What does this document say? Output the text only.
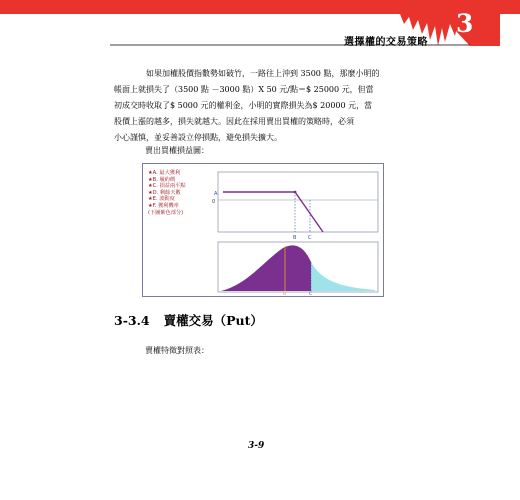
選擇權的交易策略
3
如果加權股價指數勢如破竹，一路往上沖到 3500 點，那麼小明的
帳面上就損失了（3500 點 －3000 點）X 50 元/點＝$ 25000 元，但當
初成交時收取了$ 5000 元的權利金，小明的實際損失為$ 20000 元，當
股價上漲的越多，損失就越大。因此在採用賣出買權的策略時，必須
小心謹慎，並妥善設立停損點，避免損失擴大。
賣出買權損益圖：
★A. 最大獲利
★B. 履約價
★C. 損益兩平點
★D. 剩餘天數
★E. 波動度
★F. 獲利機率
(下圖紫色部分)
A
0
B C
B	C
3-3.4 賣權交易（Put）
賣權特徵對照表：
3-9
